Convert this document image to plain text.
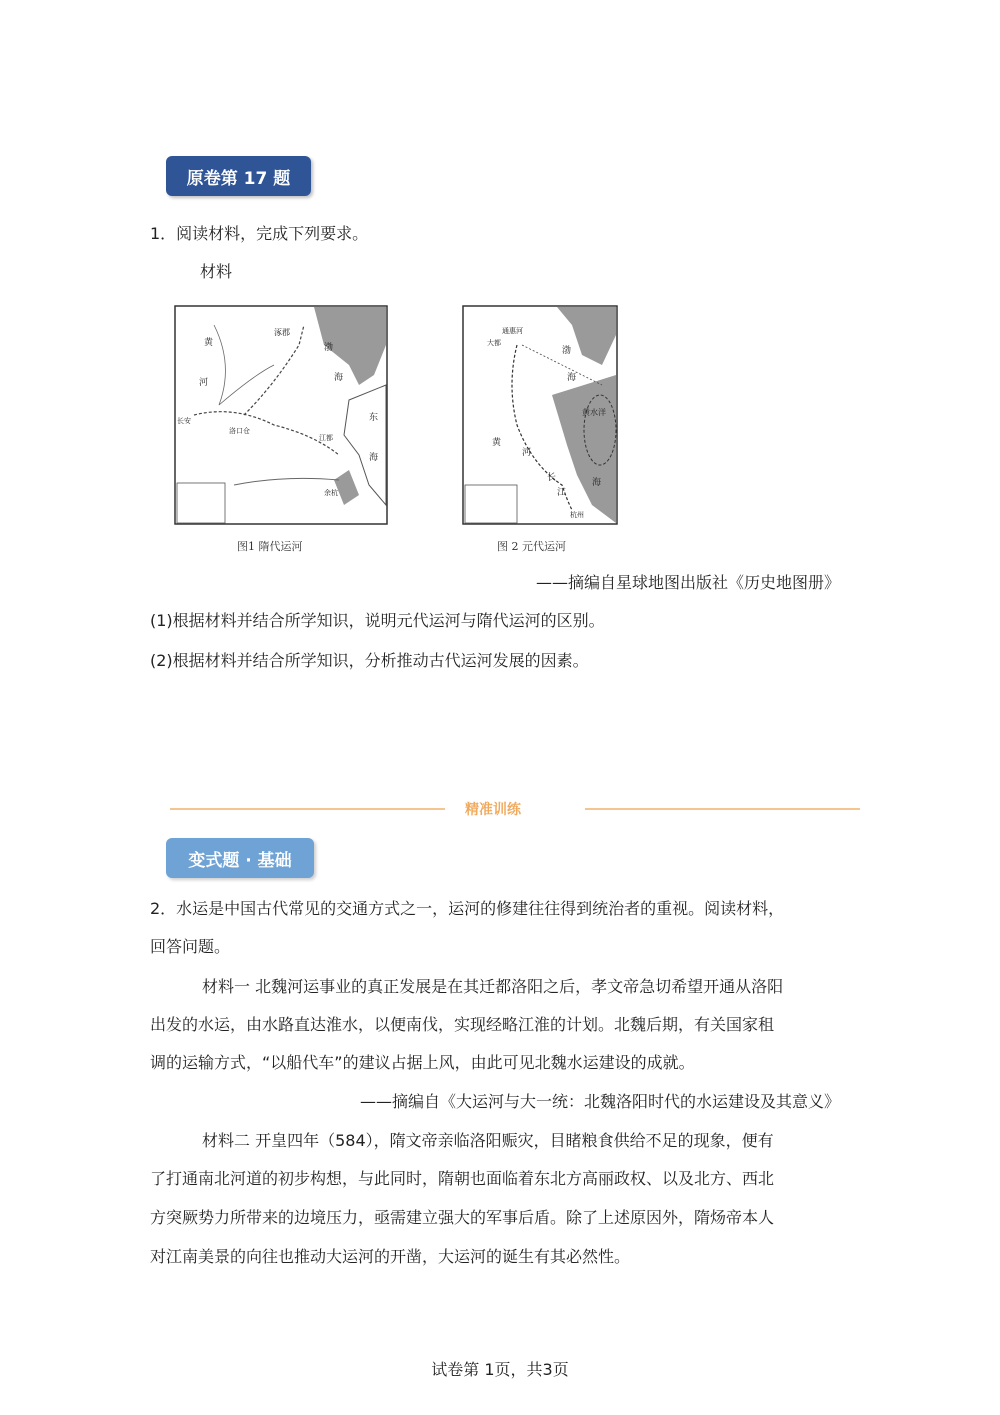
原卷第 17 题
1．阅读材料，完成下列要求。
材料
涿郡
渤
海
东
海
长安
洛口仓
江都
余杭
黄
河
通惠河
大都
渤
海
黄水洋
海
黄
河
长
江
杭州
图1 隋代运河	图 2 元代运河
——摘编自星球地图出版社《历史地图册》
(1)根据材料并结合所学知识，说明元代运河与隋代运河的区别。
(2)根据材料并结合所学知识，分析推动古代运河发展的因素。
精准训练
变式题 · 基础
2．水运是中国古代常见的交通方式之一，运河的修建往往得到统治者的重视。阅读材料，
回答问题。
材料一 北魏河运事业的真正发展是在其迁都洛阳之后，孝文帝急切希望开通从洛阳
出发的水运，由水路直达淮水，以便南伐，实现经略江淮的计划。北魏后期，有关国家租
调的运输方式，“以船代车”的建议占据上风，由此可见北魏水运建设的成就。
——摘编自《大运河与大一统：北魏洛阳时代的水运建设及其意义》
材料二 开皇四年（584），隋文帝亲临洛阳赈灾，目睹粮食供给不足的现象，便有
了打通南北河道的初步构想，与此同时，隋朝也面临着东北方高丽政权、以及北方、西北
方突厥势力所带来的边境压力，亟需建立强大的军事后盾。除了上述原因外，隋炀帝本人
对江南美景的向往也推动大运河的开凿，大运河的诞生有其必然性。
试卷第 1页，共3页
